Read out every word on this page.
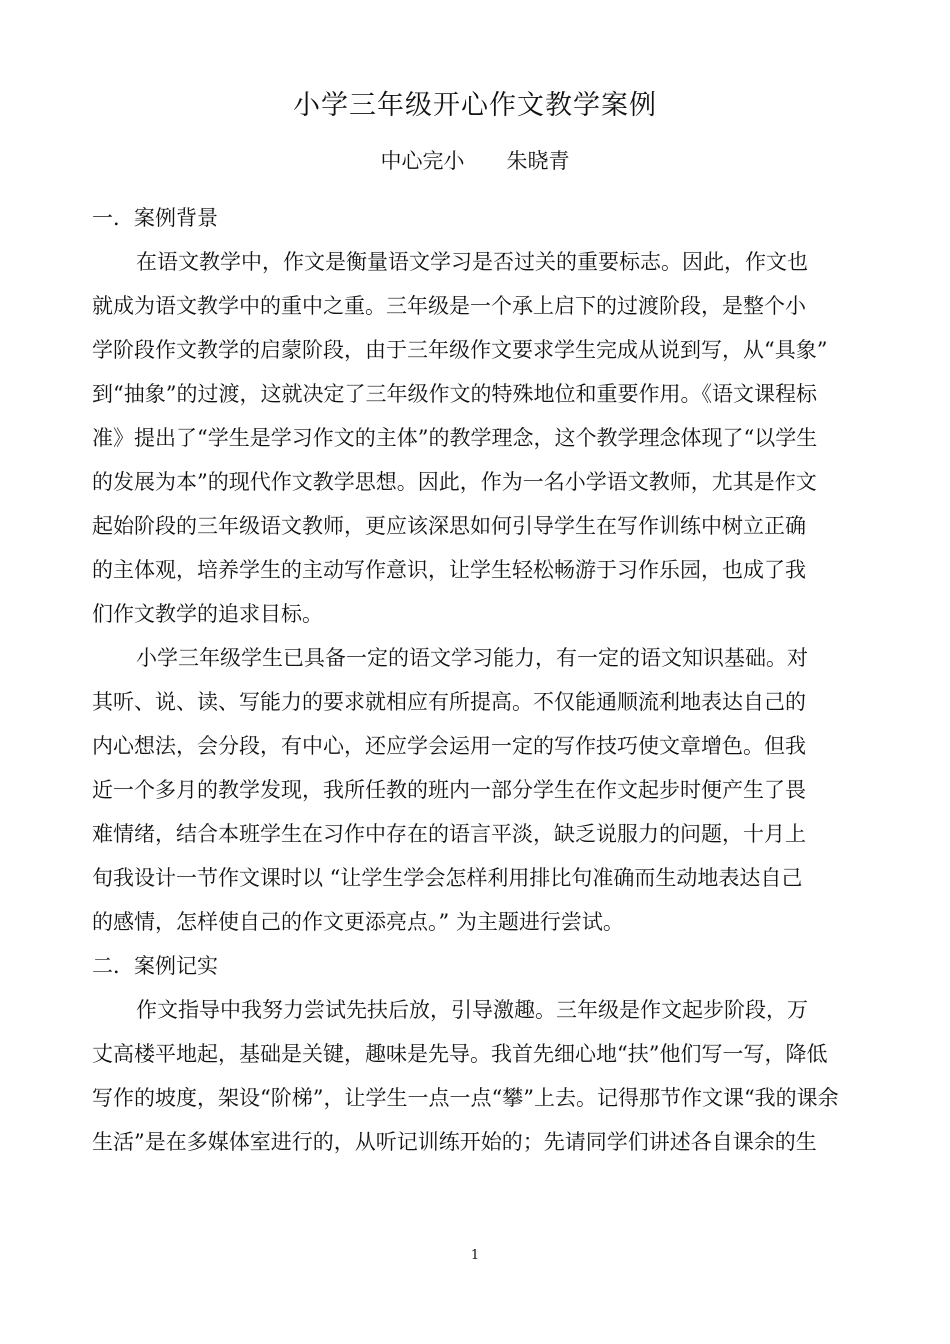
小学三年级开心作文教学案例
中心完小　　朱晓青
一．案例背景
在语文教学中，作文是衡量语文学习是否过关的重要标志。因此，作文也
就成为语文教学中的重中之重。三年级是一个承上启下的过渡阶段，是整个小
学阶段作文教学的启蒙阶段，由于三年级作文要求学生完成从说到写，从“具象”
到“抽象”的过渡，这就决定了三年级作文的特殊地位和重要作用。《语文课程标
准》提出了“学生是学习作文的主体”的教学理念，这个教学理念体现了“以学生
的发展为本”的现代作文教学思想。因此，作为一名小学语文教师，尤其是作文
起始阶段的三年级语文教师，更应该深思如何引导学生在写作训练中树立正确
的主体观，培养学生的主动写作意识，让学生轻松畅游于习作乐园，也成了我
们作文教学的追求目标。
小学三年级学生已具备一定的语文学习能力，有一定的语文知识基础。对
其听、说、读、写能力的要求就相应有所提高。不仅能通顺流利地表达自己的
内心想法，会分段，有中心，还应学会运用一定的写作技巧使文章增色。但我
近一个多月的教学发现，我所任教的班内一部分学生在作文起步时便产生了畏
难情绪，结合本班学生在习作中存在的语言平淡，缺乏说服力的问题，十月上
旬我设计一节作文课时以 “让学生学会怎样利用排比句准确而生动地表达自己
的感情，怎样使自己的作文更添亮点。” 为主题进行尝试。
二．案例记实
作文指导中我努力尝试先扶后放，引导激趣。三年级是作文起步阶段，万
丈高楼平地起，基础是关键，趣味是先导。我首先细心地“扶”他们写一写，降低
写作的坡度，架设“阶梯”，让学生一点一点“攀”上去。记得那节作文课“我的课余
生活”是在多媒体室进行的，从听记训练开始的；先请同学们讲述各自课余的生
1
